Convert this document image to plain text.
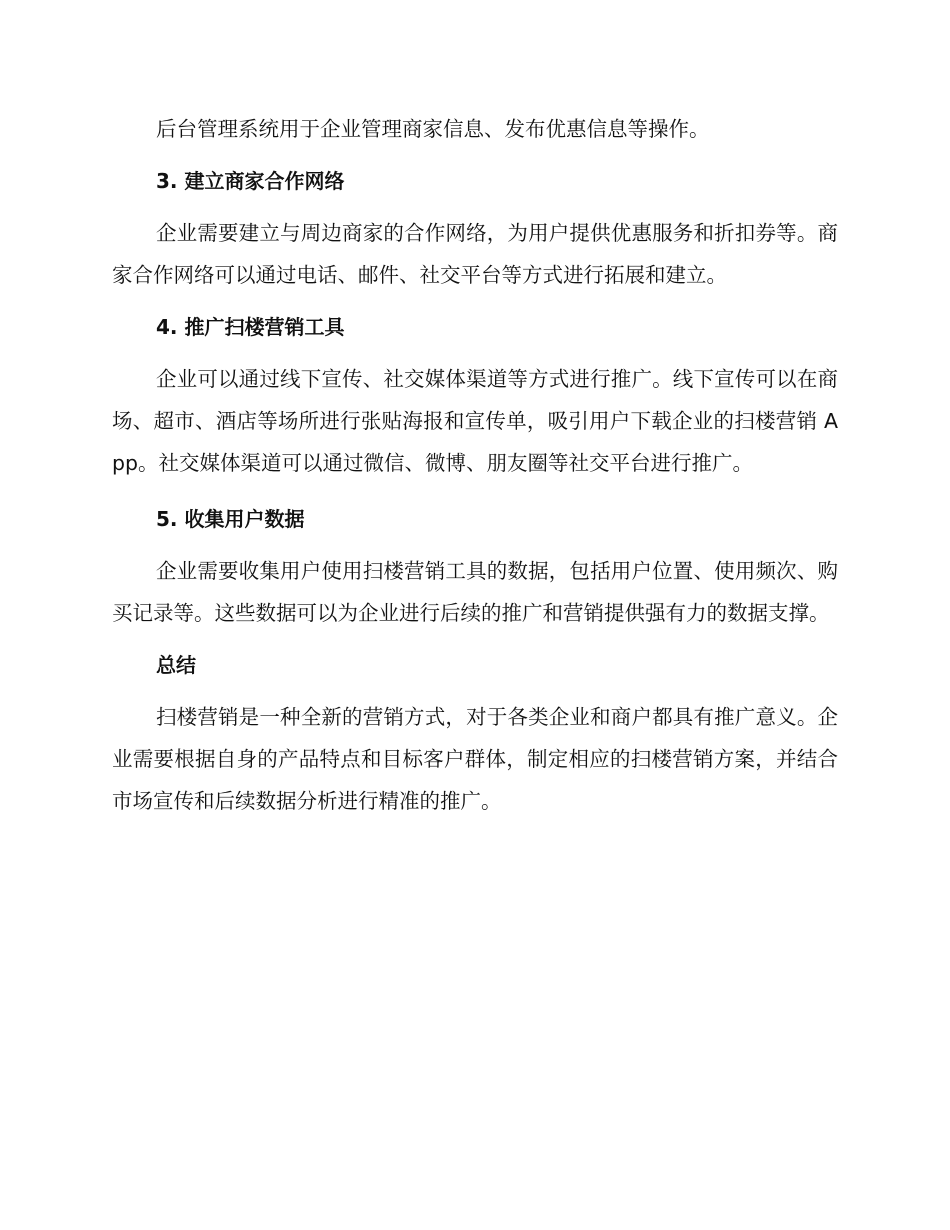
后台管理系统用于企业管理商家信息、发布优惠信息等操作。

3. 建立商家合作网络

企业需要建立与周边商家的合作网络，为用户提供优惠服务和折扣券等。商家合作网络可以通过电话、邮件、社交平台等方式进行拓展和建立。

4. 推广扫楼营销工具

企业可以通过线下宣传、社交媒体渠道等方式进行推广。线下宣传可以在商场、超市、酒店等场所进行张贴海报和宣传单，吸引用户下载企业的扫楼营销 App。社交媒体渠道可以通过微信、微博、朋友圈等社交平台进行推广。

5. 收集用户数据

企业需要收集用户使用扫楼营销工具的数据，包括用户位置、使用频次、购买记录等。这些数据可以为企业进行后续的推广和营销提供强有力的数据支撑。

总结

扫楼营销是一种全新的营销方式，对于各类企业和商户都具有推广意义。企业需要根据自身的产品特点和目标客户群体，制定相应的扫楼营销方案，并结合市场宣传和后续数据分析进行精准的推广。
